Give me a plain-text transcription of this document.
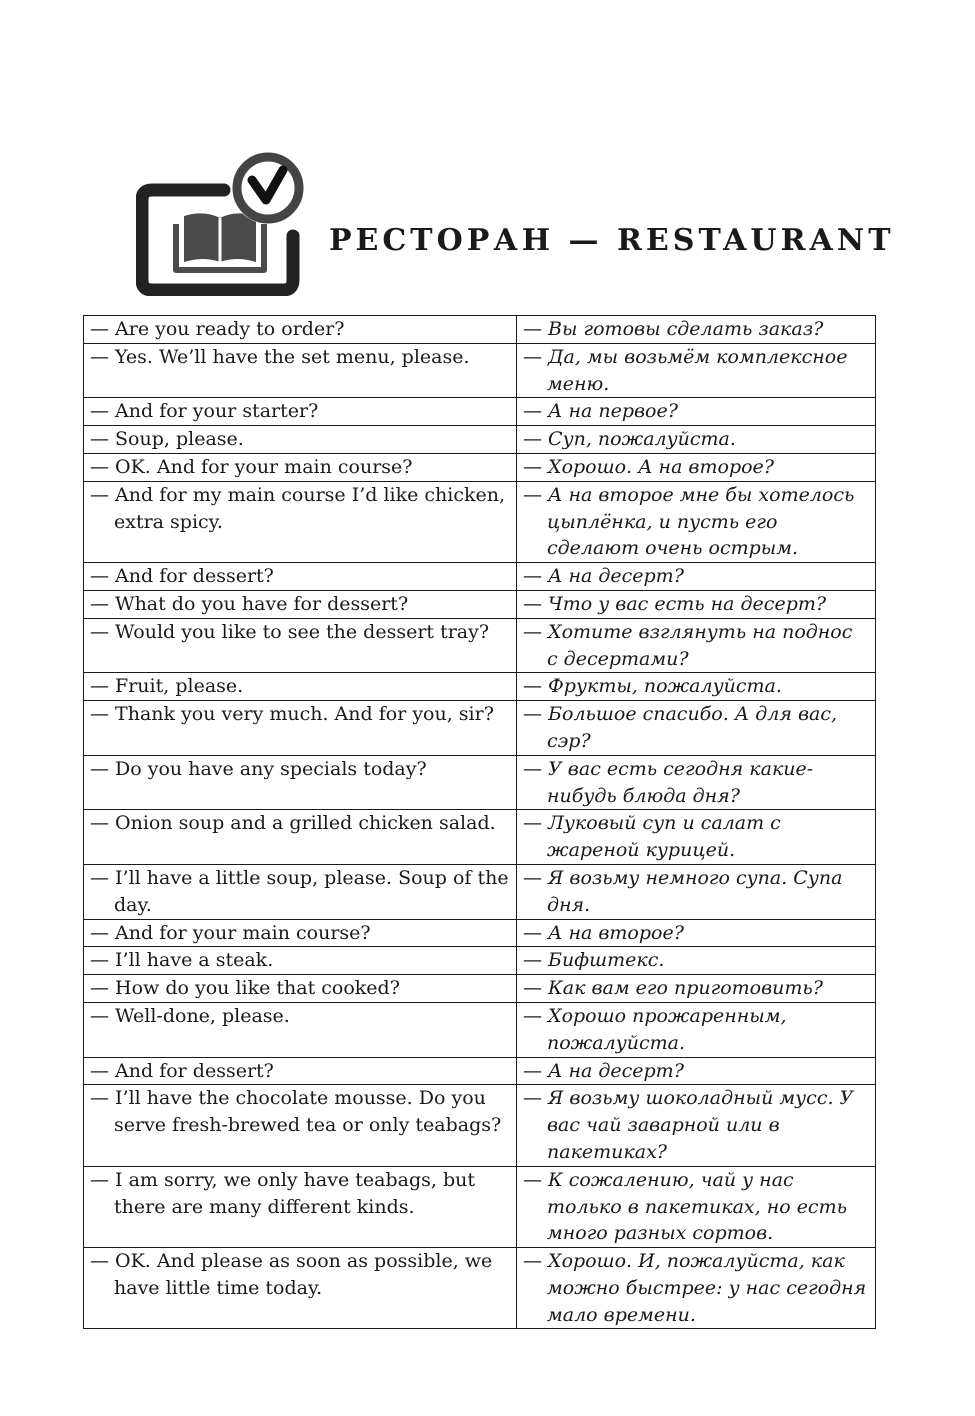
РЕСТОРАН — RESTAURANT
— Are you ready to order?	— Вы готовы сделать заказ?
— Yes. We’ll have the set menu, please.	— Да, мы возьмём комплексное меню.
— And for your starter?	— А на первое?
— Soup, please.	— Суп, пожалуйста.
— OK. And for your main course?	— Хорошо. А на второе?
— And for my main course I’d like chicken, extra spicy.	— А на второе мне бы хотелось цыплёнка, и пусть его сделают очень острым.
— And for dessert?	— А на десерт?
— What do you have for dessert?	— Что у вас есть на десерт?
— Would you like to see the dessert tray?	— Хотите взглянуть на поднос с десертами?
— Fruit, please.	— Фрукты, пожалуйста.
— Thank you very much. And for you, sir?	— Большое спасибо. А для вас, сэр?
— Do you have any specials today?	— У вас есть сегодня какие-нибудь блюда дня?
— Onion soup and a grilled chicken salad.	— Луковый суп и салат с жареной курицей.
— I’ll have a little soup, please. Soup of the day.	— Я возьму немного супа. Супа дня.
— And for your main course?	— А на второе?
— I’ll have a steak.	— Бифштекс.
— How do you like that cooked?	— Как вам его приготовить?
— Well-done, please.	— Хорошо прожаренным, пожалуйста.
— And for dessert?	— А на десерт?
— I’ll have the chocolate mousse. Do you serve fresh-brewed tea or only teabags?	— Я возьму шоколадный мусс. У вас чай заварной или в пакетиках?
— I am sorry, we only have teabags, but there are many different kinds.	— К сожалению, чай у нас только в пакетиках, но есть много разных сортов.
— OK. And please as soon as possible, we have little time today.	— Хорошо. И, пожалуйста, как можно быстрее: у нас сегодня мало времени.
